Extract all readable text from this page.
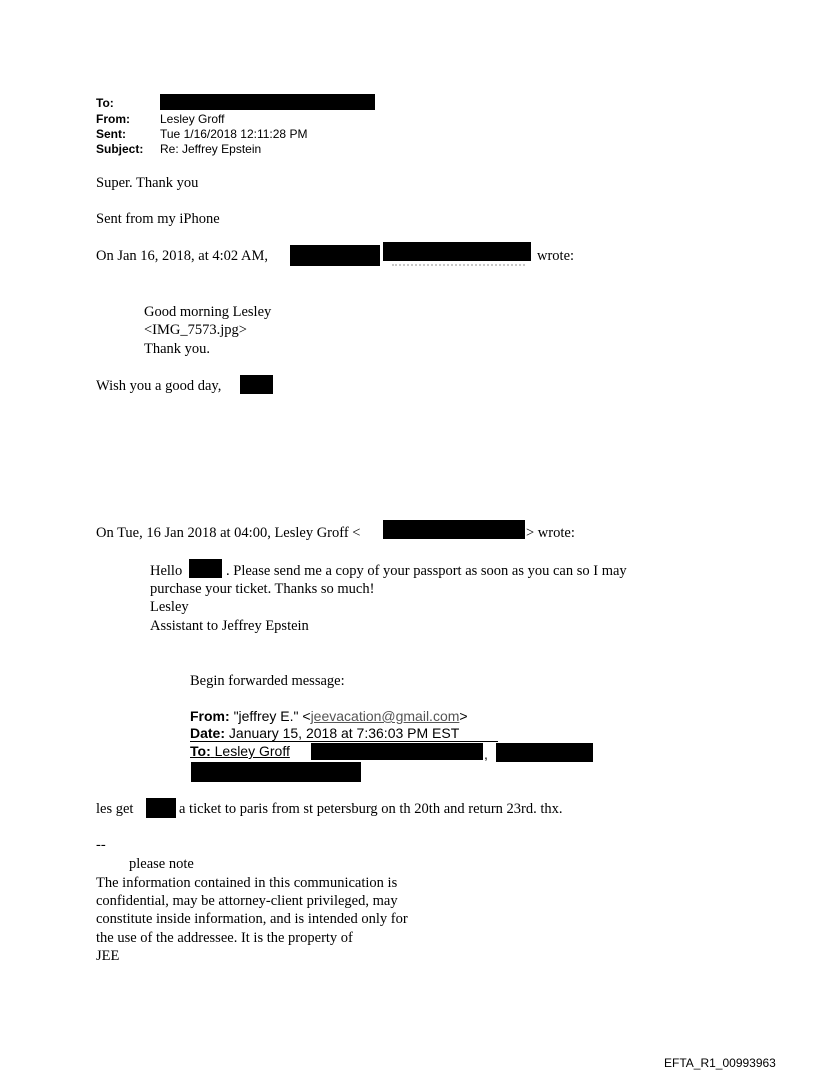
To:
From:	Lesley Groff
Sent:	Tue 1/16/2018 12:11:28 PM
Subject: Re: Jeffrey Epstein
Super. Thank you
Sent from my iPhone
On Jan 16, 2018, at 4:02 AM,	wrote:
Good morning Lesley
<IMG_7573.jpg>
Thank you.
Wish you a good day,
On Tue, 16 Jan 2018 at 04:00, Lesley Groff <	> wrote:
Hello	. Please send me a copy of your passport as soon as you can so I may
purchase your ticket. Thanks so much!
Lesley
Assistant to Jeffrey Epstein
Begin forwarded message:
From: "jeffrey E." <jeevacation@gmail.com>
Date: January 15, 2018 at 7:36:03 PM EST
To: Lesley Groff	,
les get	a ticket to paris from st petersburg on th 20th and return 23rd. thx.
--
please note
The information contained in this communication is
confidential, may be attorney-client privileged, may
constitute inside information, and is intended only for
the use of the addressee. It is the property of
JEE
EFTA_R1_00993963
